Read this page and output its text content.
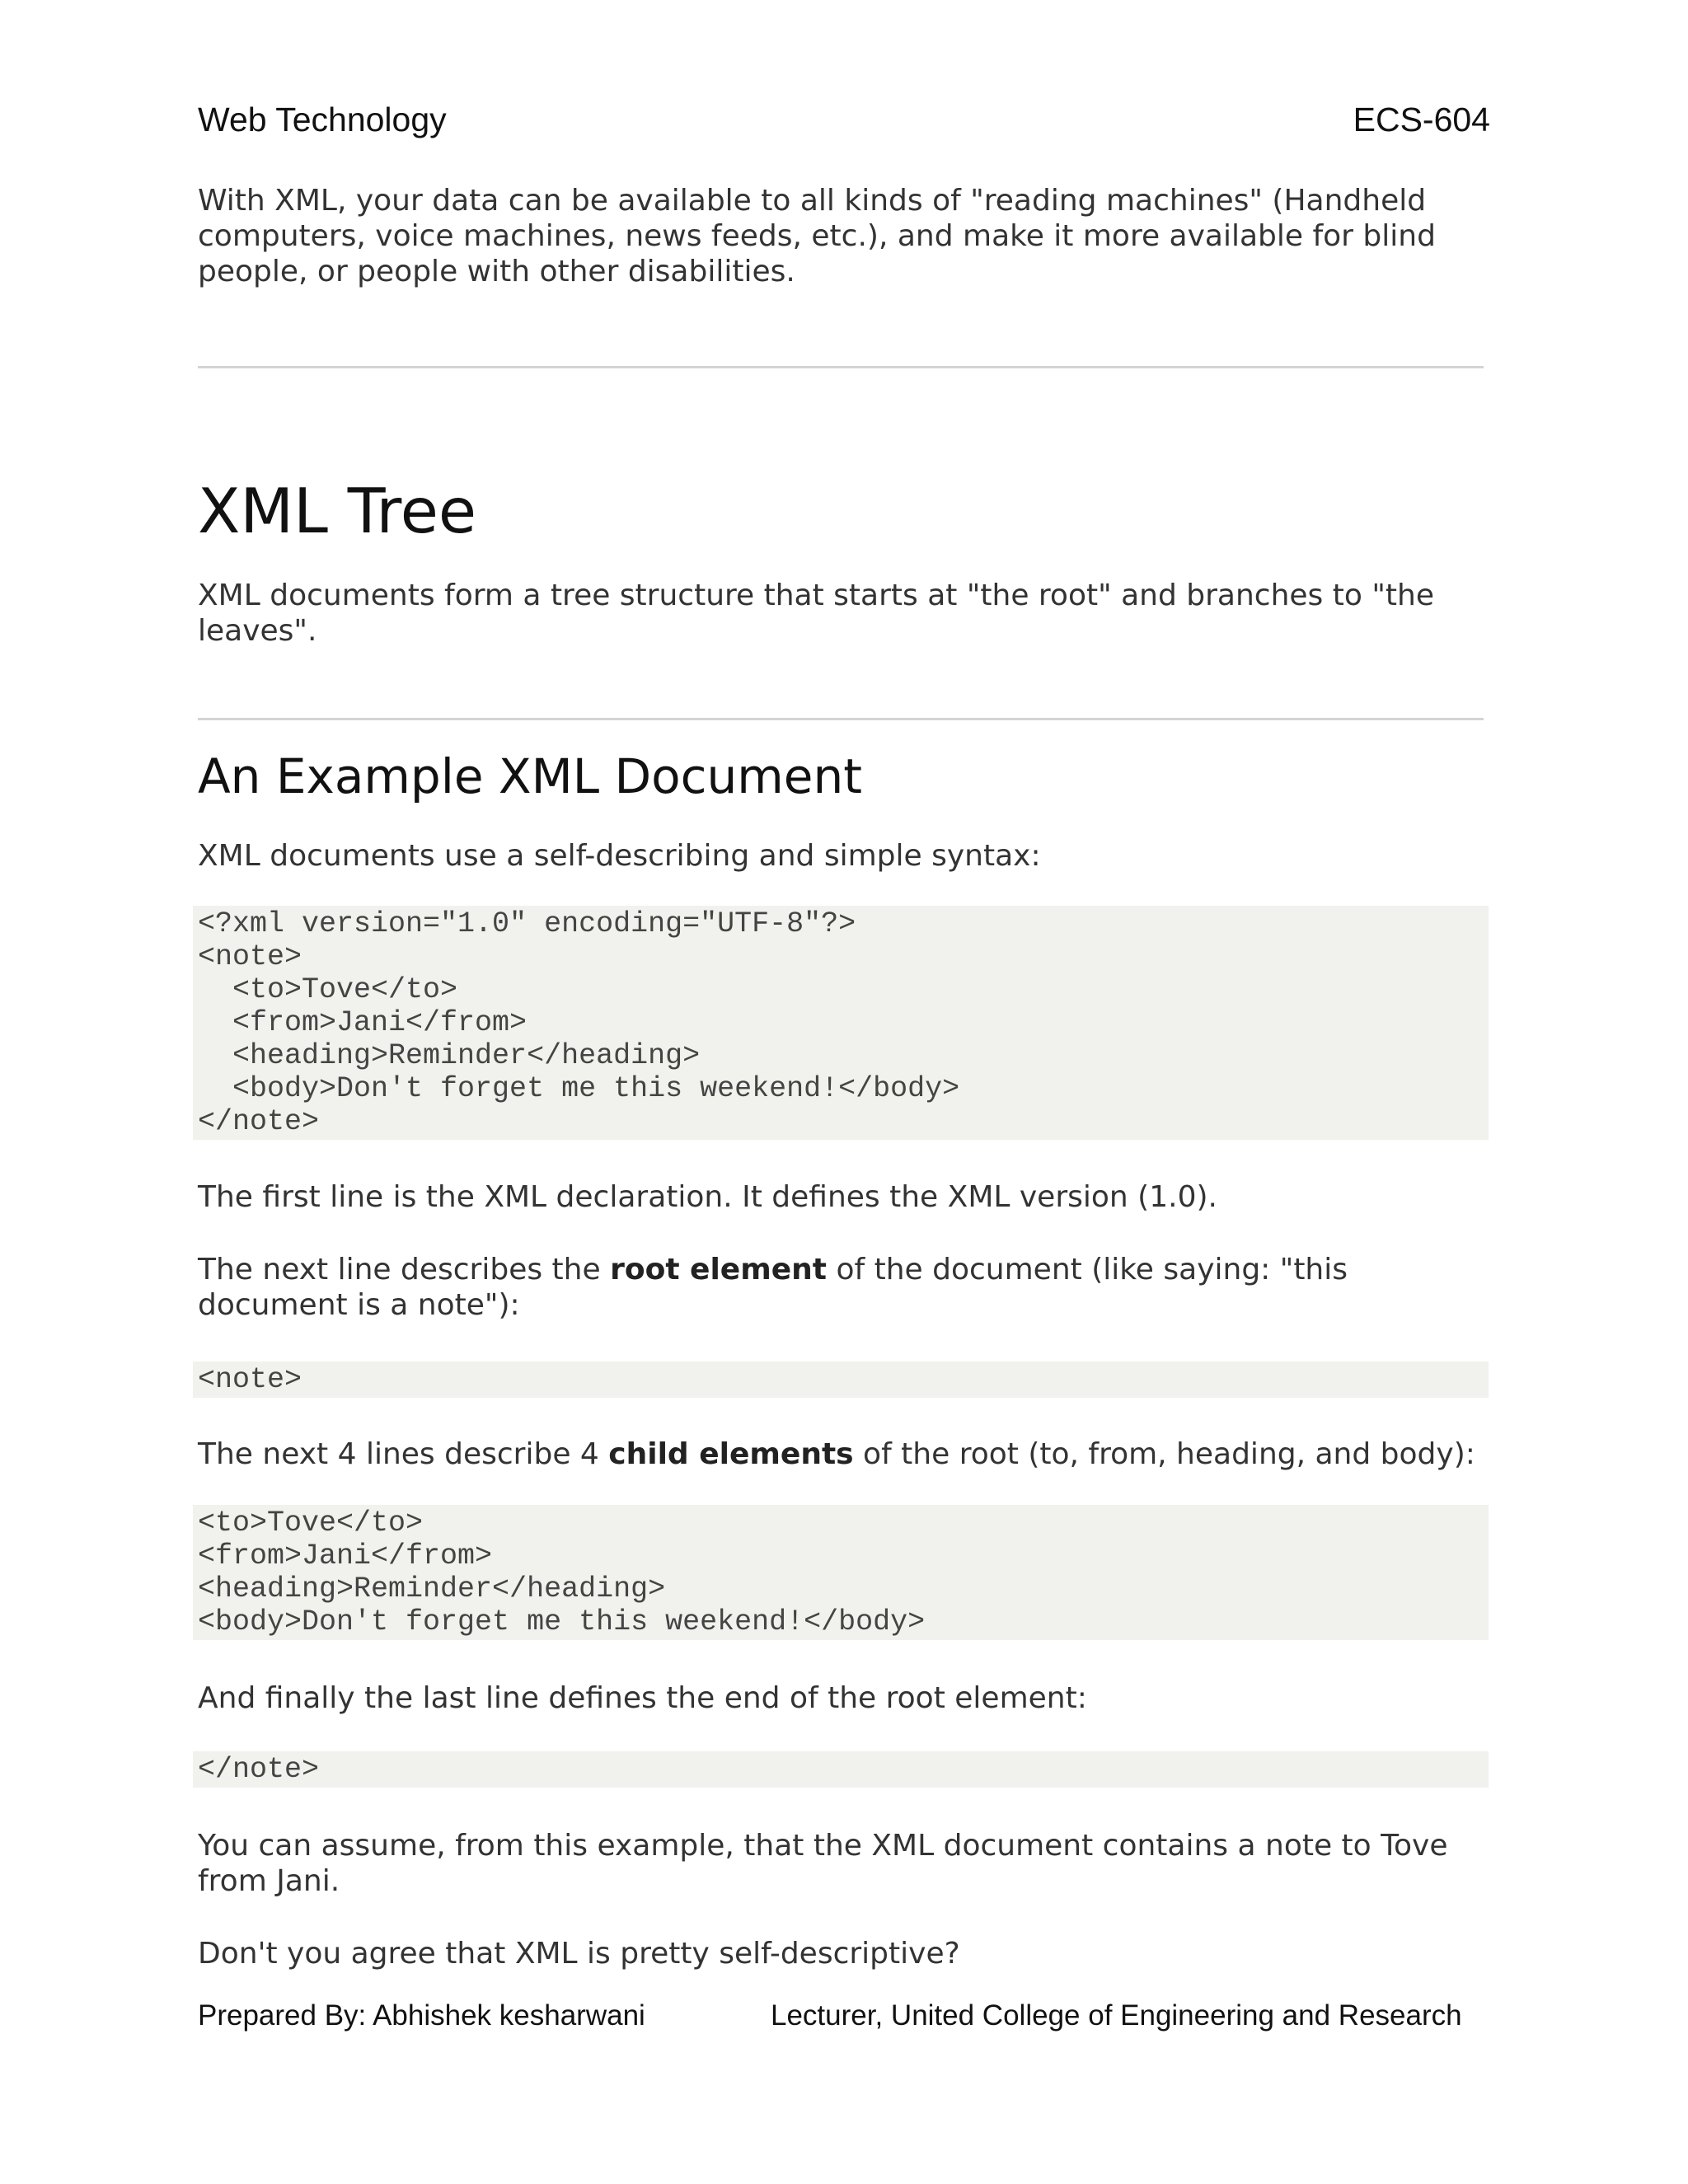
Web Technology	ECS-604

With XML, your data can be available to all kinds of "reading machines" (Handheld computers, voice machines, news feeds, etc.), and make it more available for blind people, or people with other disabilities.

XML Tree

XML documents form a tree structure that starts at "the root" and branches to "the leaves".

An Example XML Document

XML documents use a self-describing and simple syntax:

<?xml version="1.0" encoding="UTF-8"?>
<note>
<to>Tove</to>
<from>Jani</from>
<heading>Reminder</heading>
<body>Don't forget me this weekend!</body>
</note>

The first line is the XML declaration. It defines the XML version (1.0).

The next line describes the root element of the document (like saying: "this document is a note"):

<note>

The next 4 lines describe 4 child elements of the root (to, from, heading, and body):

<to>Tove</to>
<from>Jani</from>
<heading>Reminder</heading>
<body>Don't forget me this weekend!</body>

And finally the last line defines the end of the root element:

</note>

You can assume, from this example, that the XML document contains a note to Tove from Jani.

Don't you agree that XML is pretty self-descriptive?

Prepared By: Abhishek kesharwani	Lecturer, United College of Engineering and Research
